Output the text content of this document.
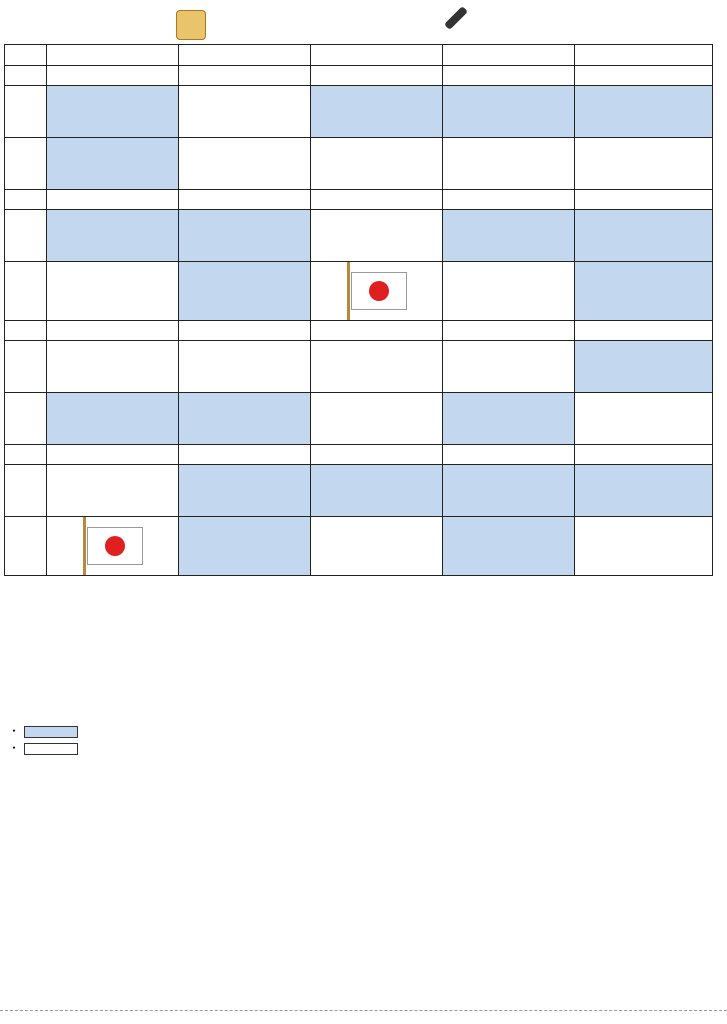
・
・
